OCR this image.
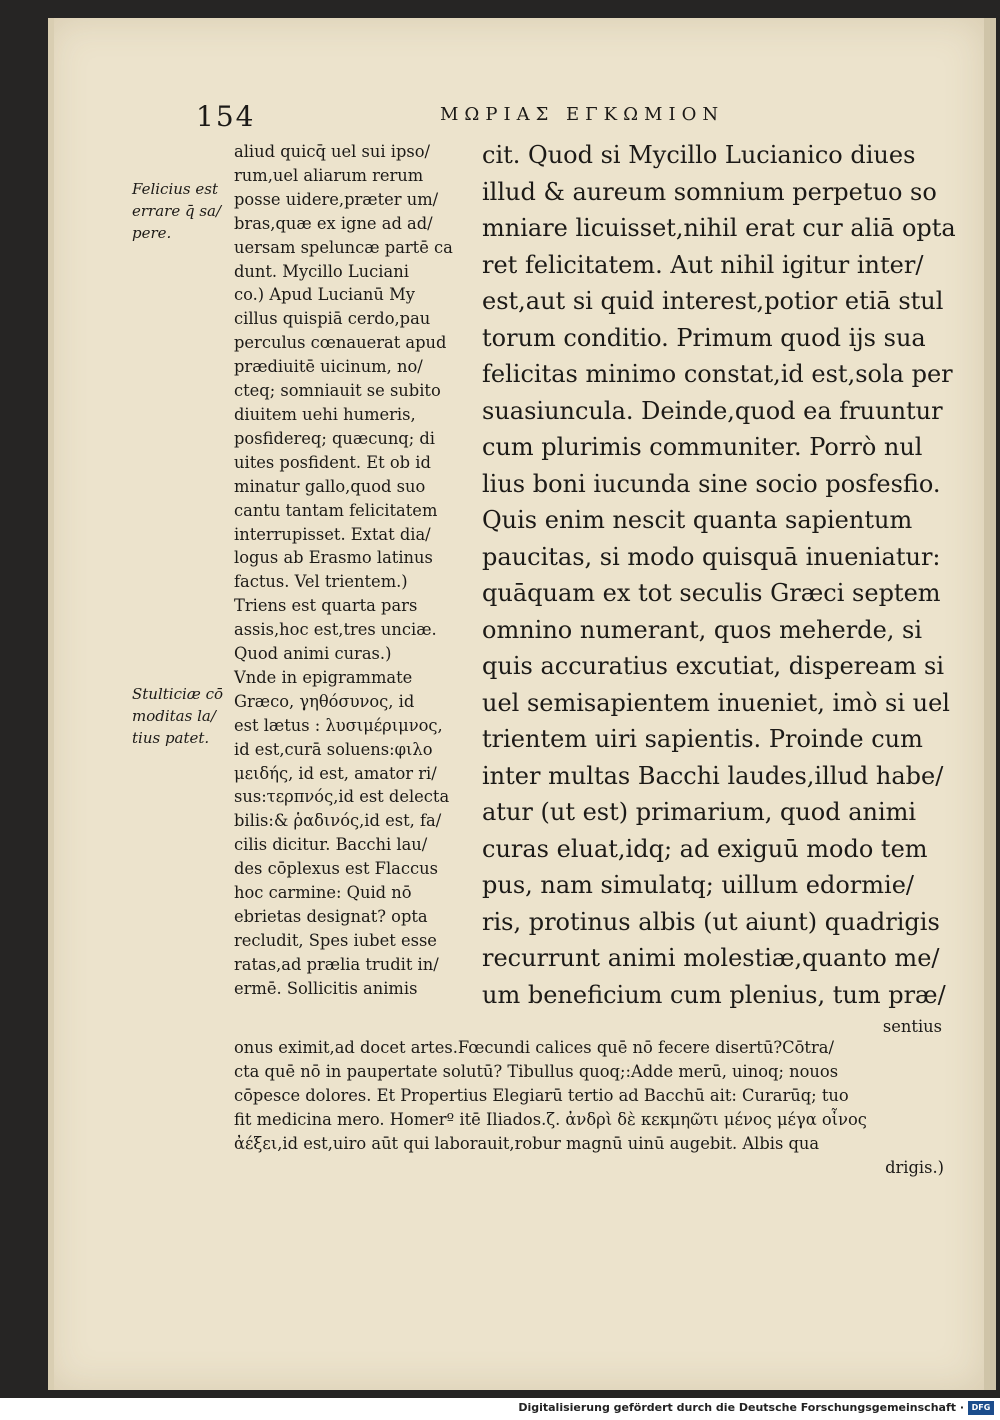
154	ΜΩΡΙΑΣ ΕΓΚΩΜΙΟΝ
Felicius est
errare q̄ sa/
pere.
Stulticiæ cō
moditas la/
tius patet.
aliud quicq̄ uel sui ipso/
rum,uel aliarum rerum
posse uidere,præter um/
bras,quæ ex igne ad ad/
uersam speluncæ partē ca
dunt. Mycillo Luciani
co.) Apud Lucianū My
cillus quispiā cerdo,pau
perculus cœnauerat apud
prædiuitē uicinum, no/
cteq; somniauit se subito
diuitem uehi humeris,
posfidereq; quæcunq; di
uites posfident. Et ob id
minatur gallo,quod suo
cantu tantam felicitatem
interrupisset. Extat dia/
logus ab Erasmo latinus
factus. Vel trientem.)
Triens est quarta pars
assis,hoc est,tres unciæ.
Quod animi curas.)
Vnde in epigrammate
Græco, γηθόσυνος, id
est lætus : λυσιμέριμνος,
id est,curā soluens:φιλο
μειδής, id est, amator ri/
sus:τερπνός,id est delecta
bilis:& ῥαδινός,id est, fa/
cilis dicitur. Bacchi lau/
des cōplexus est Flaccus
hoc carmine: Quid nō
ebrietas designat? opta
recludit, Spes iubet esse
ratas,ad prælia trudit in/
ermē. Sollicitis animis
cit. Quod si Mycillo Lucianico diues
illud & aureum somnium perpetuo so
mniare licuisset,nihil erat cur aliā opta
ret felicitatem. Aut nihil igitur inter/
est,aut si quid interest,potior etiā stul
torum conditio. Primum quod ijs sua
felicitas minimo constat,id est,sola per
suasiuncula. Deinde,quod ea fruuntur
cum plurimis communiter. Porrò nul
lius boni iucunda sine socio posfesfio.
Quis enim nescit quanta sapientum
paucitas, si modo quisquā inueniatur:
quāquam ex tot seculis Græci septem
omnino numerant, quos meherde, si
quis accuratius excutiat, dispeream si
uel semisapientem inueniet, imò si uel
trientem uiri sapientis. Proinde cum
inter multas Bacchi laudes,illud habe/
atur (ut est) primarium, quod animi
curas eluat,idq; ad exiguū modo tem
pus, nam simulatq; uillum edormie/
ris, protinus albis (ut aiunt) quadrigis
recurrunt animi molestiæ,quanto me/
um beneficium cum plenius, tum præ/
sentius
onus eximit,ad docet artes.Fœcundi calices quē nō fecere disertū?Cōtra/
cta quē nō in paupertate solutū? Tibullus quoq;:Adde merū, uinoq; nouos
cōpesce dolores. Et Propertius Elegiarū tertio ad Bacchū ait: Curarūq; tuo
fit medicina mero. Homerº itē Iliados.ζ. ἀνδρὶ δὲ κεκμηῶτι μένος μέγα οἶνος
ἀέξει,id est,uiro aūt qui laborauit,robur magnū uinū augebit. Albis qua
drigis.)
Digitalisierung gefördert durch die Deutsche Forschungsgemeinschaft · DFG
